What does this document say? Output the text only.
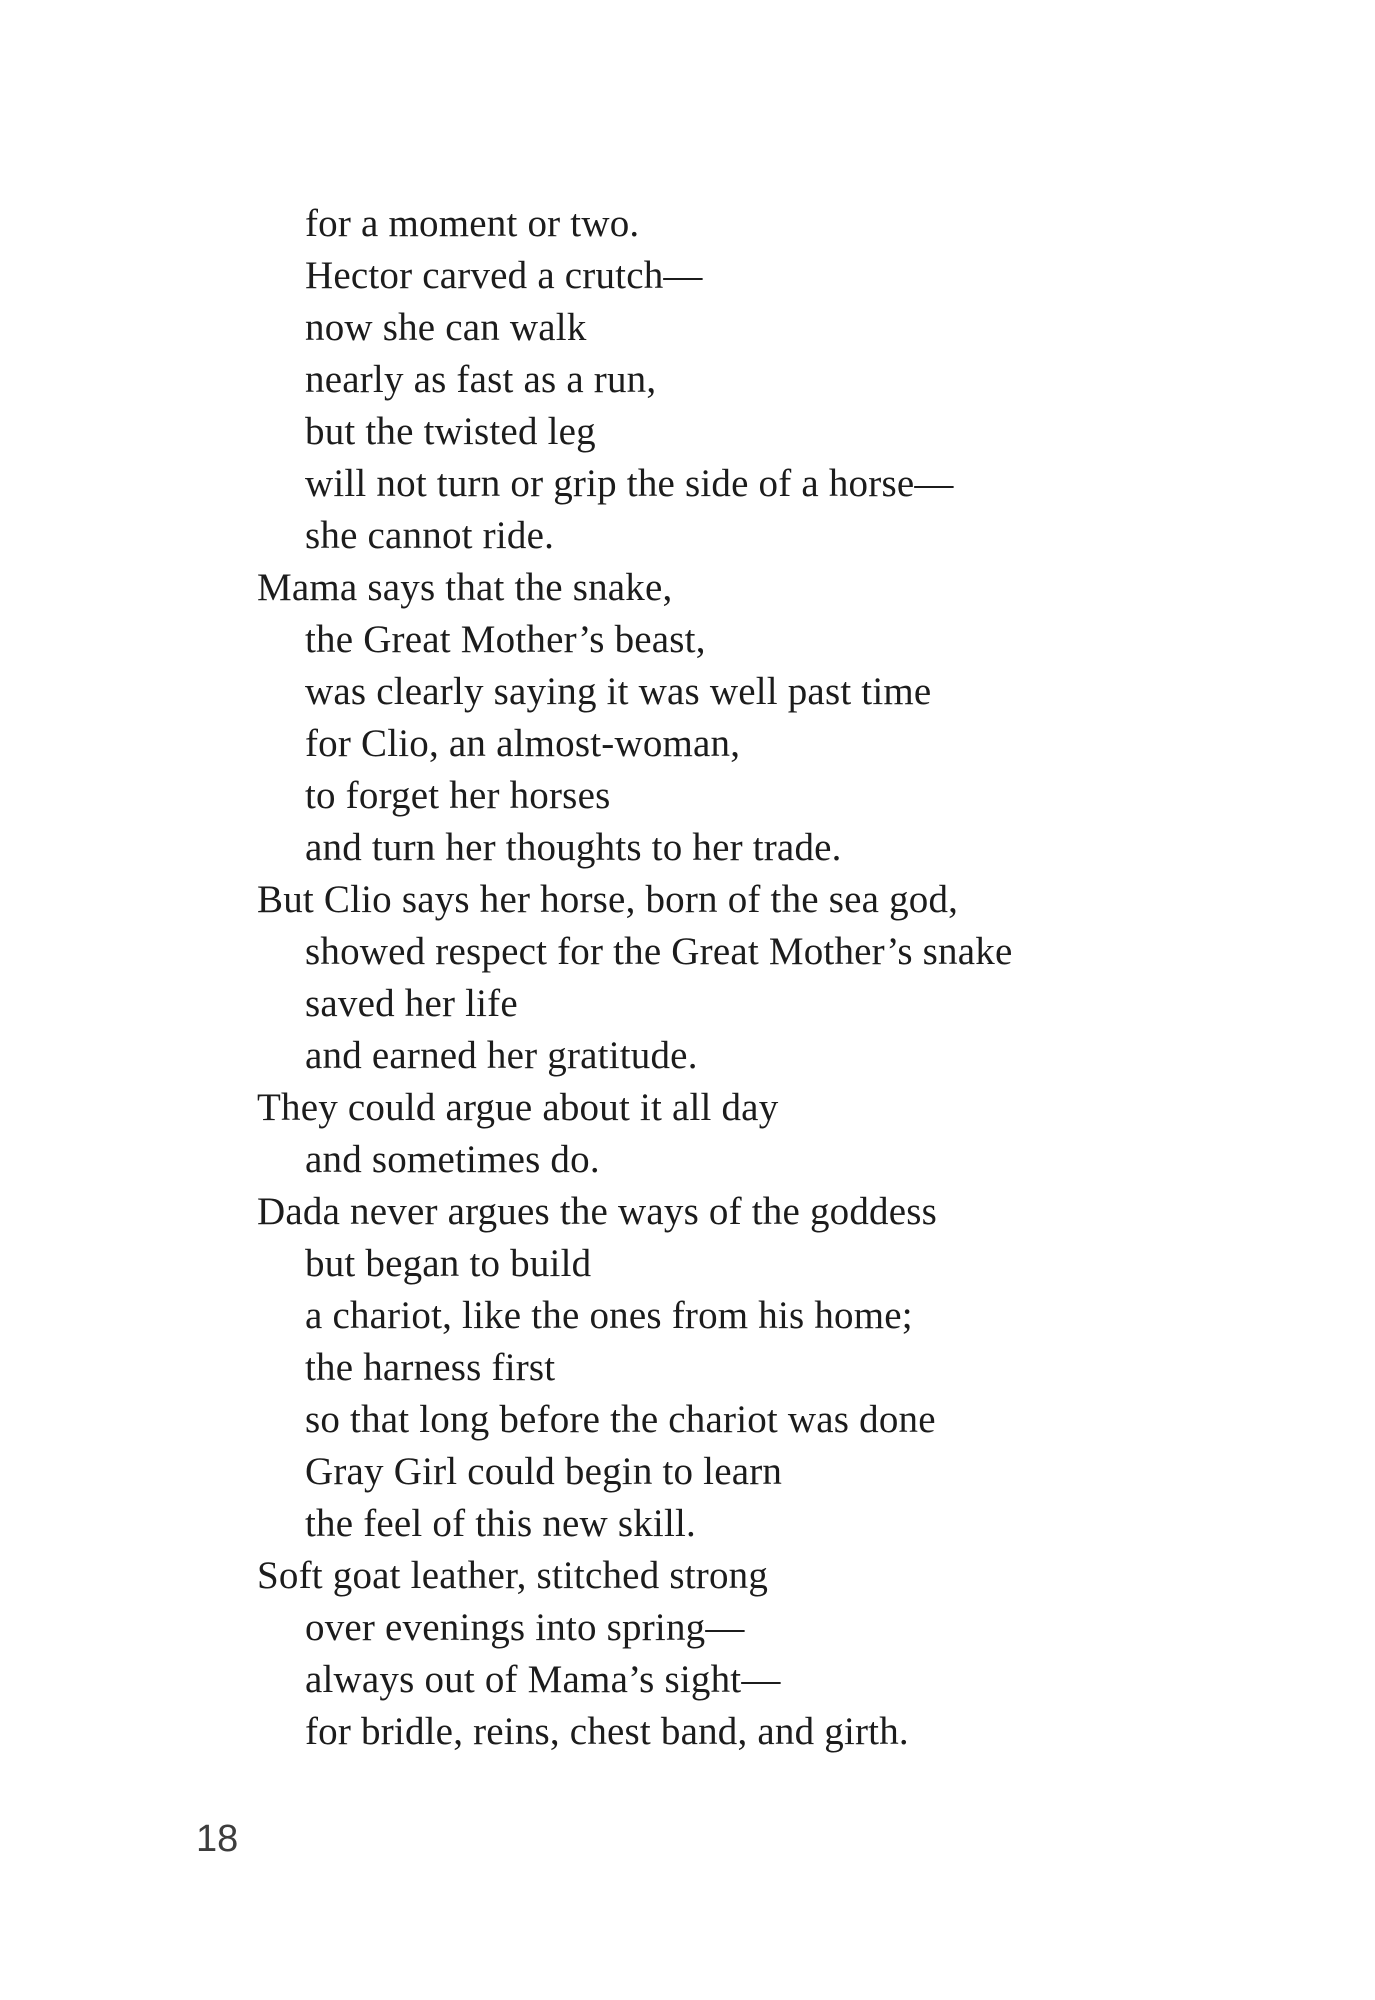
for a moment or two.
Hector carved a crutch—
now she can walk
nearly as fast as a run,
but the twisted leg
will not turn or grip the side of a horse—
she cannot ride.
Mama says that the snake,
the Great Mother’s beast,
was clearly saying it was well past time
for Clio, an almost-woman,
to forget her horses
and turn her thoughts to her trade.
But Clio says her horse, born of the sea god,
showed respect for the Great Mother’s snake
saved her life
and earned her gratitude.
They could argue about it all day
and sometimes do.
Dada never argues the ways of the goddess
but began to build
a chariot, like the ones from his home;
the harness first
so that long before the chariot was done
Gray Girl could begin to learn
the feel of this new skill.
Soft goat leather, stitched strong
over evenings into spring—
always out of Mama’s sight—
for bridle, reins, chest band, and girth.
18
